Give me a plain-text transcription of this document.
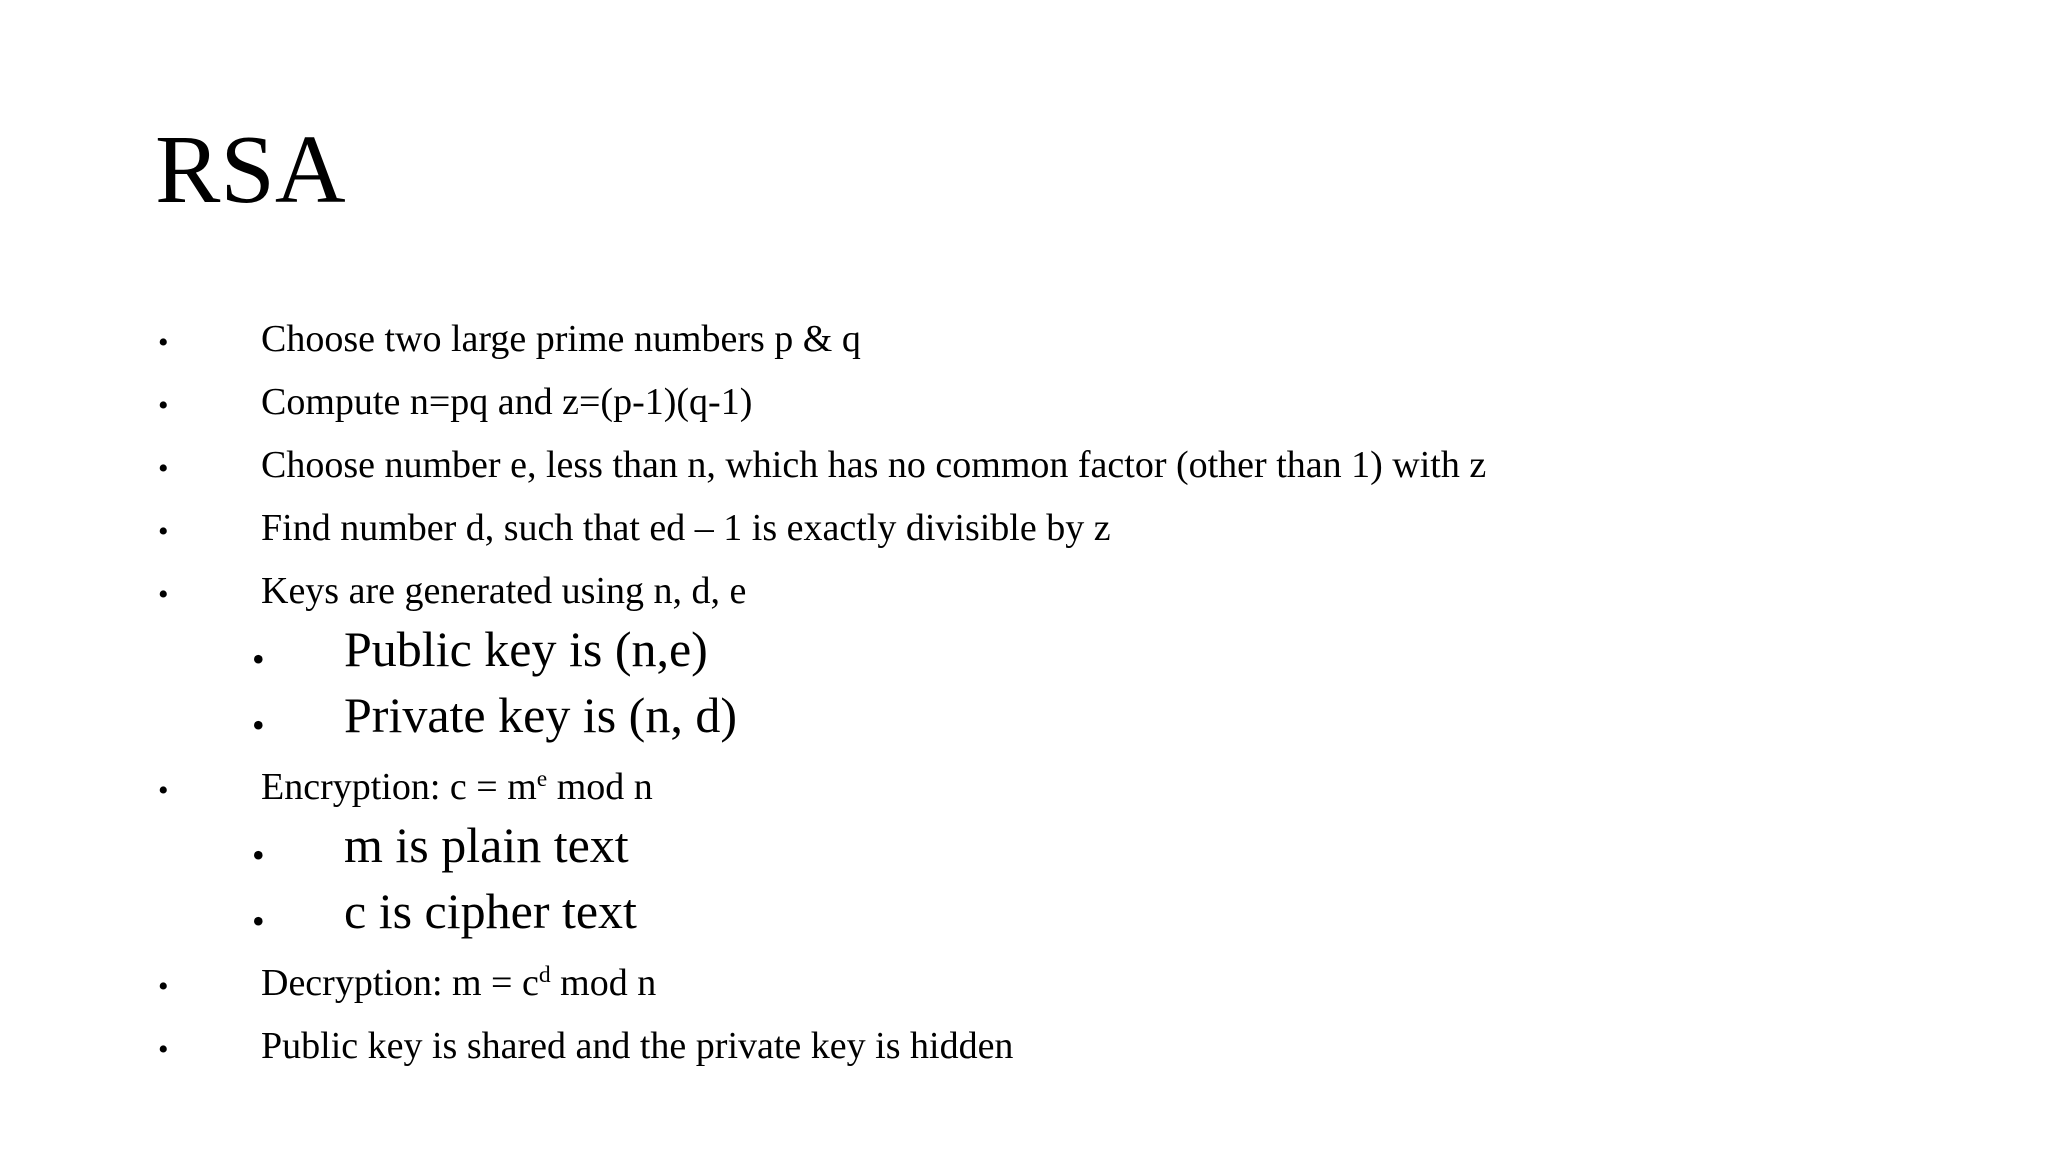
RSA
• Choose two large prime numbers p & q
• Compute n=pq and z=(p-1)(q-1)
• Choose number e, less than n, which has no common factor (other than 1) with z
• Find number d, such that ed – 1 is exactly divisible by z
• Keys are generated using n, d, e
• Public key is (n,e)
• Private key is (n, d)
• Encryption: $c = m^e$ mod n
• m is plain text
• c is cipher text
• Decryption: $m = c^d$ mod n
• Public key is shared and the private key is hidden
